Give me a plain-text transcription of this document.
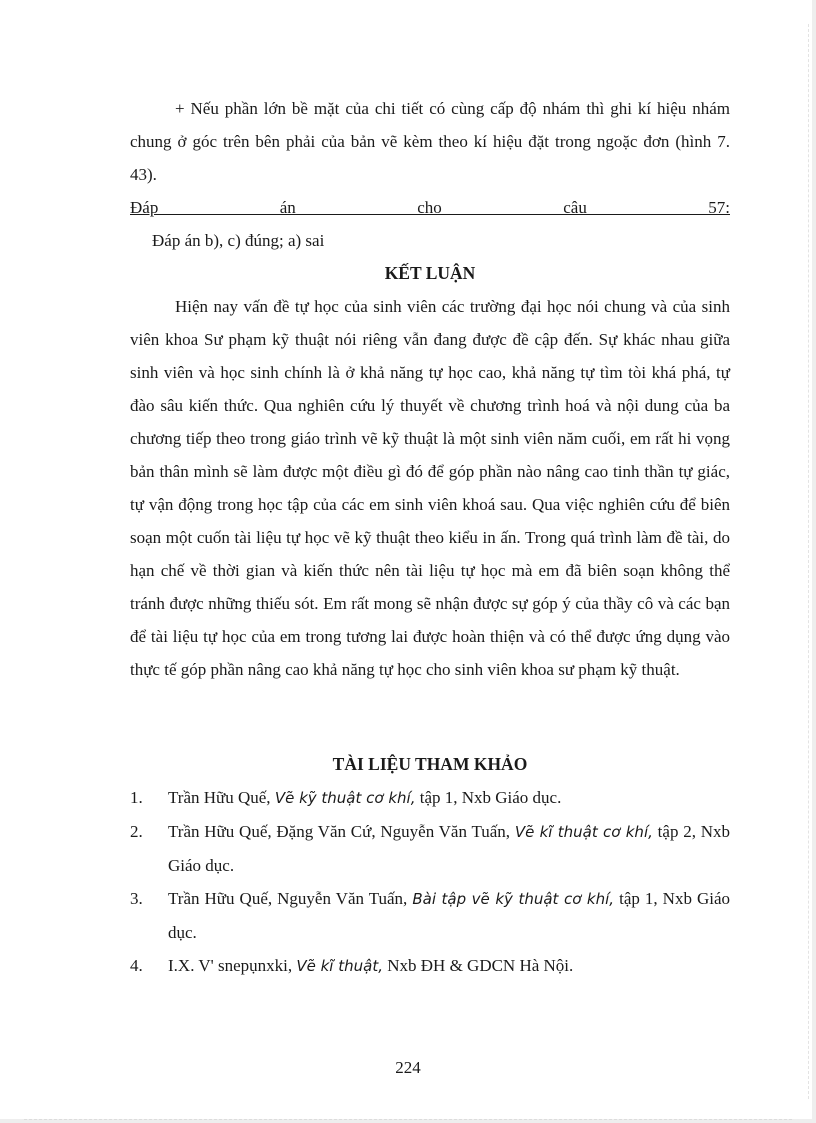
+ Nếu phần lớn bề mặt của chi tiết có cùng cấp độ nhám thì ghi kí hiệu nhám chung ở góc trên bên phải của bản vẽ kèm theo kí hiệu đặt trong ngoặc đơn (hình 7. 43).

Đáp án cho câu 57:

Đáp án b), c) đúng; a) sai

KẾT LUẬN

Hiện nay vấn đề tự học của sinh viên các trường đại học nói chung và của sinh viên khoa Sư phạm kỹ thuật nói riêng vẫn đang được đề cập đến. Sự khác nhau giữa sinh viên và học sinh chính là ở khả năng tự học cao, khả năng tự tìm tòi khá phá, tự đào sâu kiến thức. Qua nghiên cứu lý thuyết về chương trình hoá và nội dung của ba chương tiếp theo trong giáo trình vẽ kỹ thuật là một sinh viên năm cuối, em rất hi vọng bản thân mình sẽ làm được một điều gì đó để góp phần nào nâng cao tinh thần tự giác, tự vận động trong học tập của các em sinh viên khoá sau. Qua việc nghiên cứu để biên soạn một cuốn tài liệu tự học vẽ kỹ thuật theo kiểu in ấn. Trong quá trình làm đề tài, do hạn chế về thời gian và kiến thức nên tài liệu tự học mà em đã biên soạn không thể tránh được những thiếu sót. Em rất mong sẽ nhận được sự góp ý của thầy cô và các bạn để tài liệu tự học của em trong tương lai được hoàn thiện và có thể được ứng dụng vào thực tế góp phần nâng cao khả năng tự học cho sinh viên khoa sư phạm kỹ thuật.

TÀI LIỆU THAM KHẢO

1. Trần Hữu Quế, Vẽ kỹ thuật cơ khí, tập 1, Nxb Giáo dục.
2. Trần Hữu Quế, Đặng Văn Cứ, Nguyễn Văn Tuấn, Vẽ kĩ thuật cơ khí, tập 2, Nxb Giáo dục.
3. Trần Hữu Quế, Nguyễn Văn Tuấn, Bài tập vẽ kỹ thuật cơ khí, tập 1, Nxb Giáo dục.
4. I.X. V' snepụnxki, Vẽ kĩ thuật, Nxb ĐH & GDCN Hà Nội.
224
